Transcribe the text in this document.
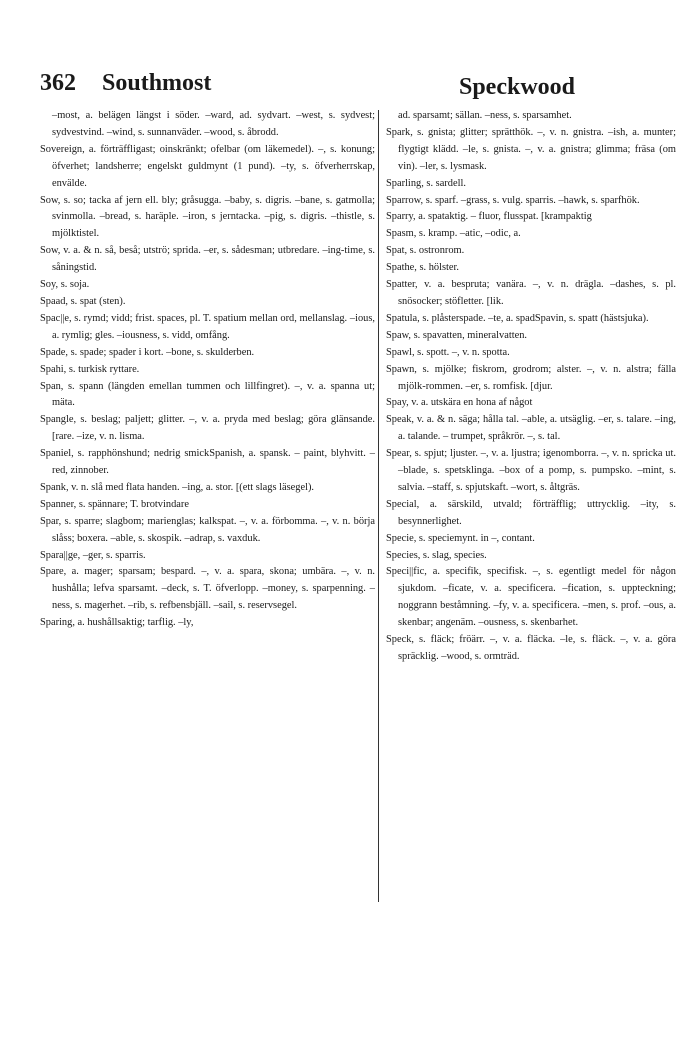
362 Southmost	Speckwood
–most, a. belägen längst i söder. –ward, ad. sydvart. –west, s. sydvest; sydvestvind. –wind, s. sunnanväder. –wood, s. åbrodd.
Sovereign, a. förträffligast; oinskränkt; ofelbar (om läkemedel). –, s. konung; öfverhet; landsherre; engelskt guldmynt (1 pund). –ty, s. öfverherrskap, envälde.
Sow, s. so; tacka af jern ell. bly; gråsugga. –baby, s. digris. –bane, s. gatmolla; svinmolla. –bread, s. haräple. –iron, s jerntacka. –pig, s. digris. –thistle, s. mjölktistel.
Sow, v. a. & n. så, beså; utströ; sprida. –er, s. sådesman; utbredare. –ing-time, s. såningstid.
Soy, s. soja.
Spaad, s. spat (sten).
Spac||e, s. rymd; vidd; frist. spaces, pl. T. spatium mellan ord, mellanslag. –ious, a. rymlig; gles. –iousness, s. vidd, omfång.
Spade, s. spade; spader i kort. –bone, s. skulderben.
Spahi, s. turkisk ryttare.
Span, s. spann (längden emellan tummen och lillfingret). –, v. a. spanna ut; mäta.
Spangle, s. beslag; paljett; glitter. –, v. a. pryda med beslag; göra glänsande. [rare. –ize, v. n. lisma.
Spaniel, s. rapphönshund; nedrig smickSpanish, a. spansk. – paint, blyhvitt. – red, zinnober.
Spank, v. n. slå med flata handen. –ing, a. stor. [(ett slags läsegel).
Spanner, s. spännare; T. brotvindare
Spar, s. sparre; slagbom; marienglas; kalkspat. –, v. a. förbomma. –, v. n. börja slåss; boxera. –able, s. skospik. –adrap, s. vaxduk.
Spara||ge, –ger, s. sparris.
Spare, a. mager; sparsam; bespard. –, v. a. spara, skona; umbära. –, v. n. hushålla; lefva sparsamt. –deck, s. T. öfverlopp. –money, s. sparpenning. –ness, s. magerhet. –rib, s. refbensbjäll. –sail, s. reservsegel.
Sparing, a. hushållsaktig; tarflig. –ly,
ad. sparsamt; sällan. –ness, s. sparsamhet.
Spark, s. gnista; glitter; sprätthök. –, v. n. gnistra. –ish, a. munter; flygtigt klädd. –le, s. gnista. –, v. a. gnistra; glimma; fräsa (om vin). –ler, s. lysmask.
Sparling, s. sardell.
Sparrow, s. sparf. –grass, s. vulg. sparris. –hawk, s. sparfhök.
Sparry, a. spataktig. – fluor, flusspat. [krampaktig
Spasm, s. kramp. –atic, –odic, a.
Spat, s. ostronrom.
Spathe, s. hölster.
Spatter, v. a. besprutа; vanära. –, v. n. drägla. –dashes, s. pl. snösocker; stöfletter. [lik.
Spatula, s. plåsterspade. –te, a. spadSpavin, s. spatt (hästsjuka).
Spaw, s. spavatten, mineralvatten.
Spawl, s. spott. –, v. n. spotta.
Spawn, s. mjölke; fiskrom, grodrom; alster. –, v. n. alstra; fälla mjölk-rommen. –er, s. romfisk. [djur.
Spay, v. a. utskära en hona af något
Speak, v. a. & n. säga; hålla tal. –able, a. utsäglig. –er, s. talare. –ing, a. talande. – trumpet, språkrör. –, s. tal.
Spear, s. spjut; ljuster. –, v. a. ljustra; igenomborra. –, v. n. spricka ut. –blade, s. spetsklinga. –box of a pomp, s. pumpsko. –mint, s. salvia. –staff, s. spjutskaft. –wort, s. åltgräs.
Special, a. särskild, utvald; förträfflig; uttrycklig. –ity, s. besynnerlighet.
Specie, s. speciemynt. in –, contant.
Species, s. slag, species.
Speci||fic, a. specifik, specifisk. –, s. egentligt medel för någon sjukdom. –ficate, v. a. specificera. –fication, s. uppteckning; noggrann beståmning. –fy, v. a. specificera. –men, s. prof. –ous, a. skenbar; angenäm. –ousness, s. skenbarhet.
Speck, s. fläck; fröärr. –, v. a. fläcka. –le, s. fläck. –, v. a. göra spräcklig. –wood, s. ormträd.
